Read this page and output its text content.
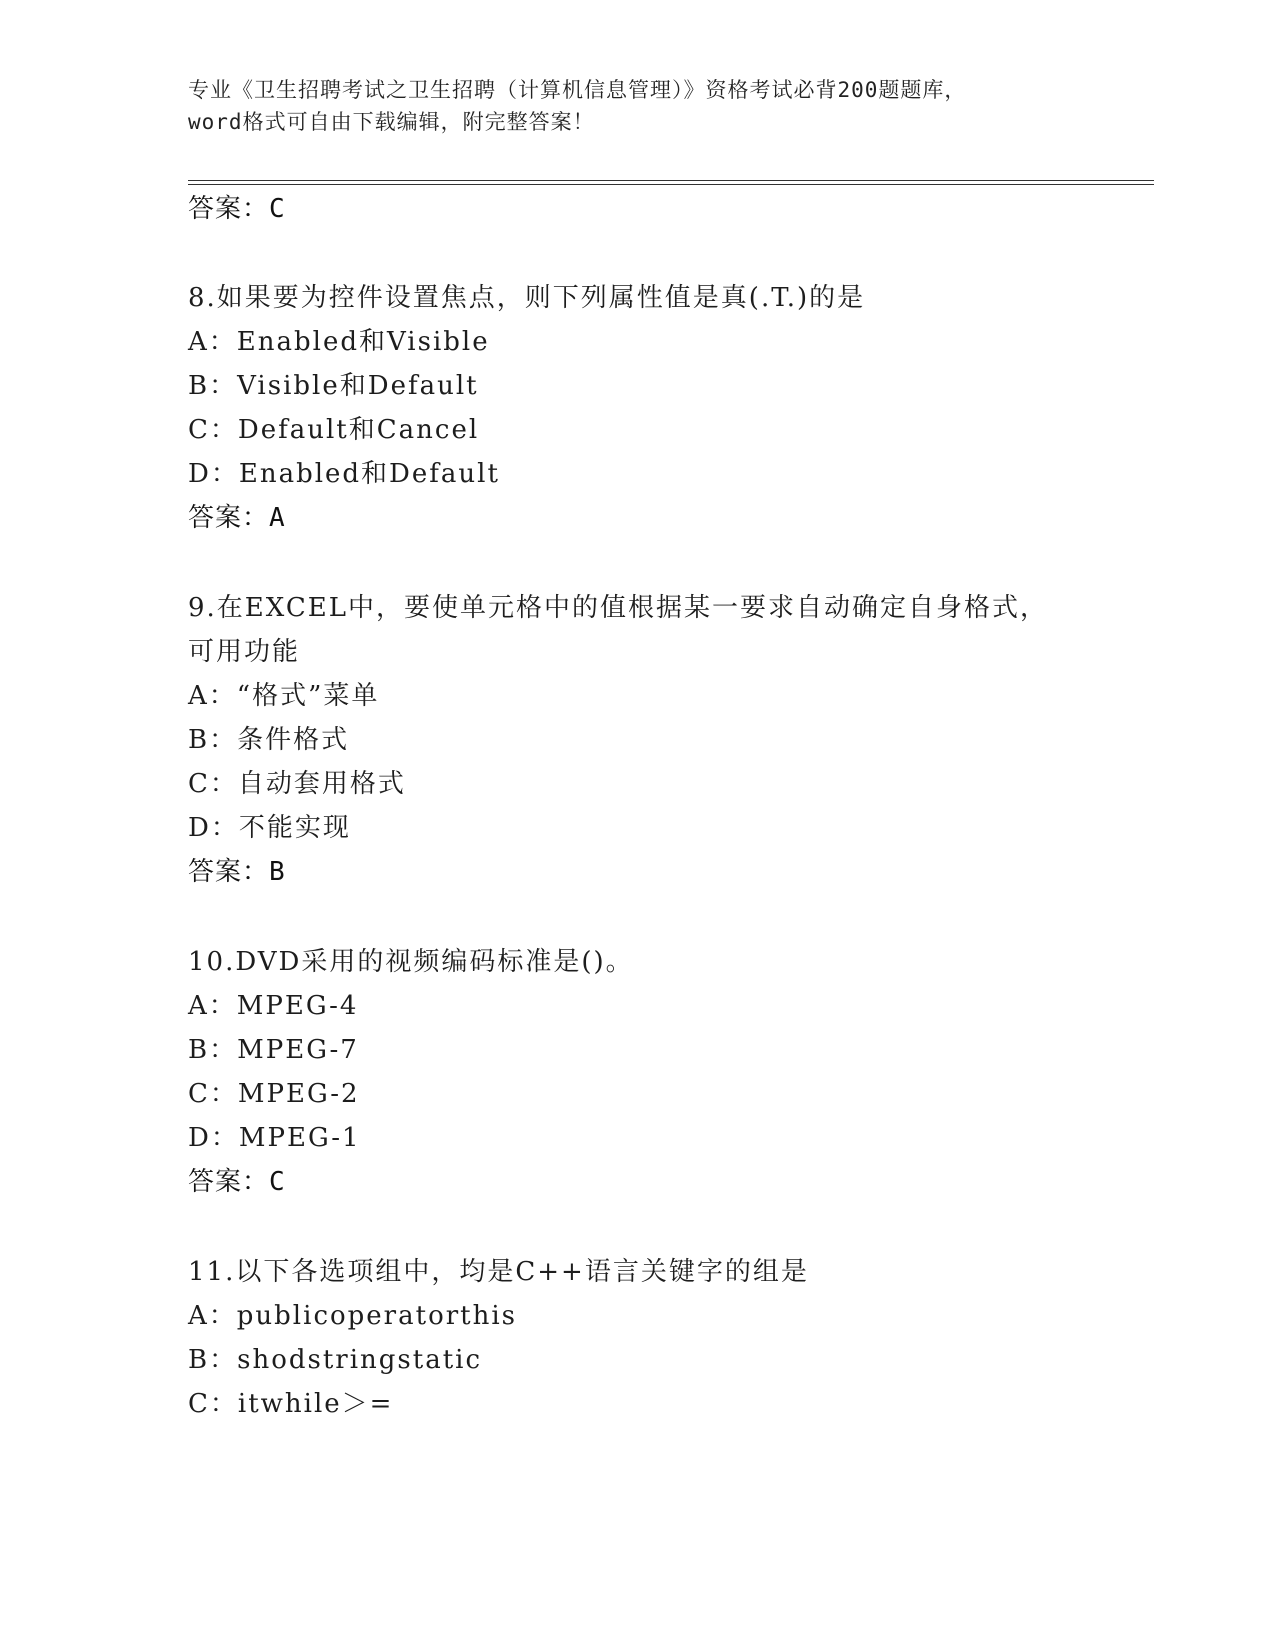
专业《卫生招聘考试之卫生招聘（计算机信息管理）》资格考试必背200题题库，
word格式可自由下载编辑，附完整答案！
答案：C
8.如果要为控件设置焦点，则下列属性值是真(.T.)的是
A：Enabled和Visible
B：Visible和Default
C：Default和Cancel
D：Enabled和Default
答案：A
9.在EXCEL中，要使单元格中的值根据某一要求自动确定自身格式，
可用功能
A：“格式”菜单
B：条件格式
C：自动套用格式
D：不能实现
答案：B
10.DVD采用的视频编码标准是()。
A：MPEG-4
B：MPEG-7
C：MPEG-2
D：MPEG-1
答案：C
11.以下各选项组中，均是C++语言关键字的组是
A：publicoperatorthis
B：shodstringstatic
C：itwhile＞=
